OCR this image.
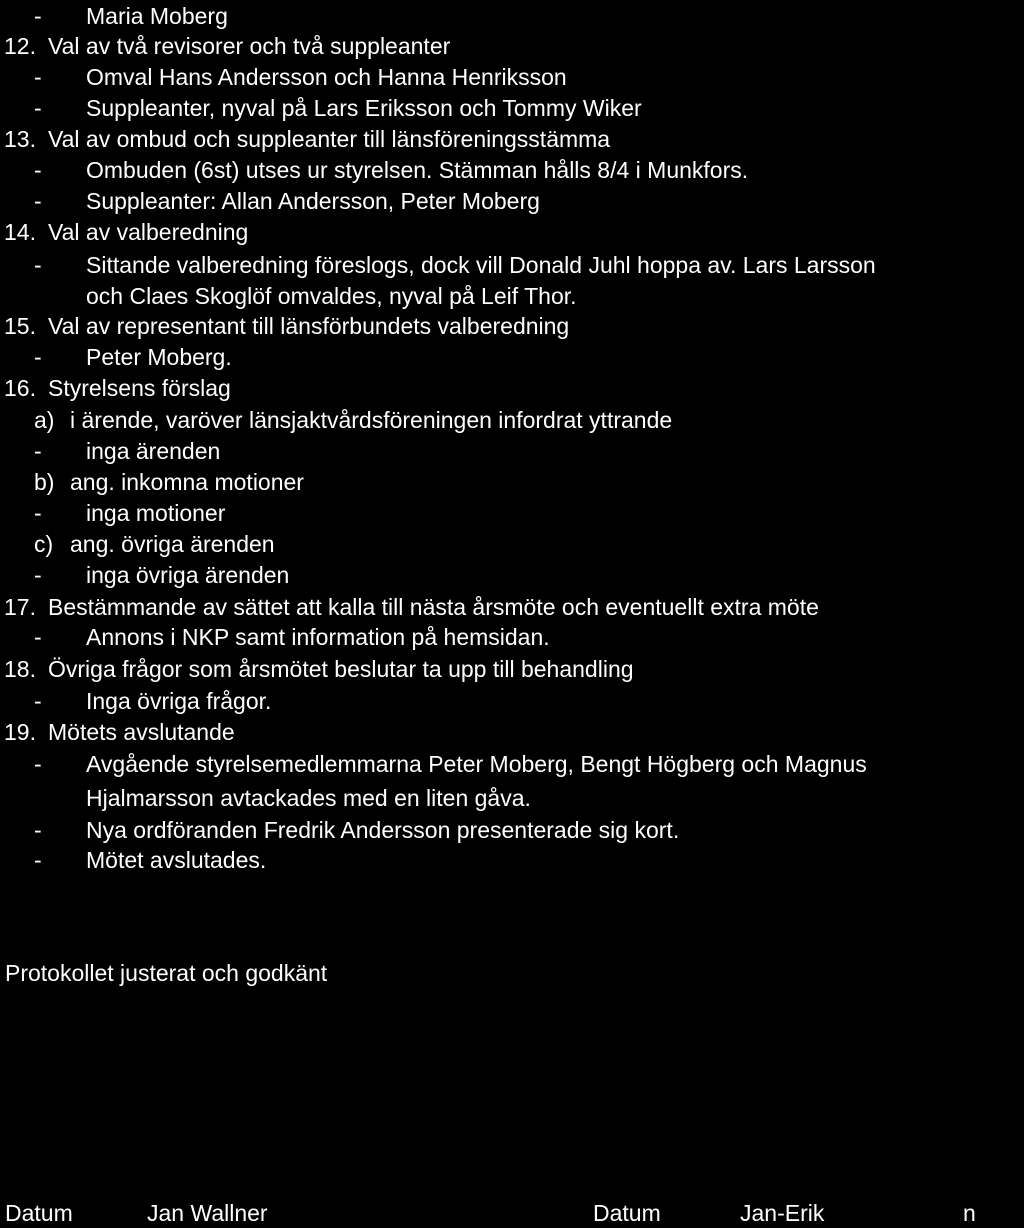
- Maria Moberg
12. Val av två revisorer och två suppleanter
- Omval Hans Andersson och Hanna Henriksson
- Suppleanter, nyval på Lars Eriksson och Tommy Wiker
13. Val av ombud och suppleanter till länsföreningsstämma
- Ombuden (6st) utses ur styrelsen. Stämman hålls 8/4 i Munkfors.
- Suppleanter: Allan Andersson, Peter Moberg
14. Val av valberedning
- Sittande valberedning föreslogs, dock vill Donald Juhl hoppa av. Lars Larsson
och Claes Skoglöf omvaldes, nyval på Leif Thor.
15. Val av representant till länsförbundets valberedning
- Peter Moberg.
16. Styrelsens förslag
a) i ärende, varöver länsjaktvårdsföreningen infordrat yttrande
- inga ärenden
b) ang. inkomna motioner
- inga motioner
c) ang. övriga ärenden
- inga övriga ärenden
17. Bestämmande av sättet att kalla till nästa årsmöte och eventuellt extra möte
- Annons i NKP samt information på hemsidan.
18. Övriga frågor som årsmötet beslutar ta upp till behandling
- Inga övriga frågor.
19. Mötets avslutande
- Avgående styrelsemedlemmarna Peter Moberg, Bengt Högberg och Magnus
Hjalmarsson avtackades med en liten gåva.
- Nya ordföranden Fredrik Andersson presenterade sig kort.
- Mötet avslutades.
Protokollet justerat och godkänt
Datum	Jan Wallner	Datum	Jan-Erik	n
